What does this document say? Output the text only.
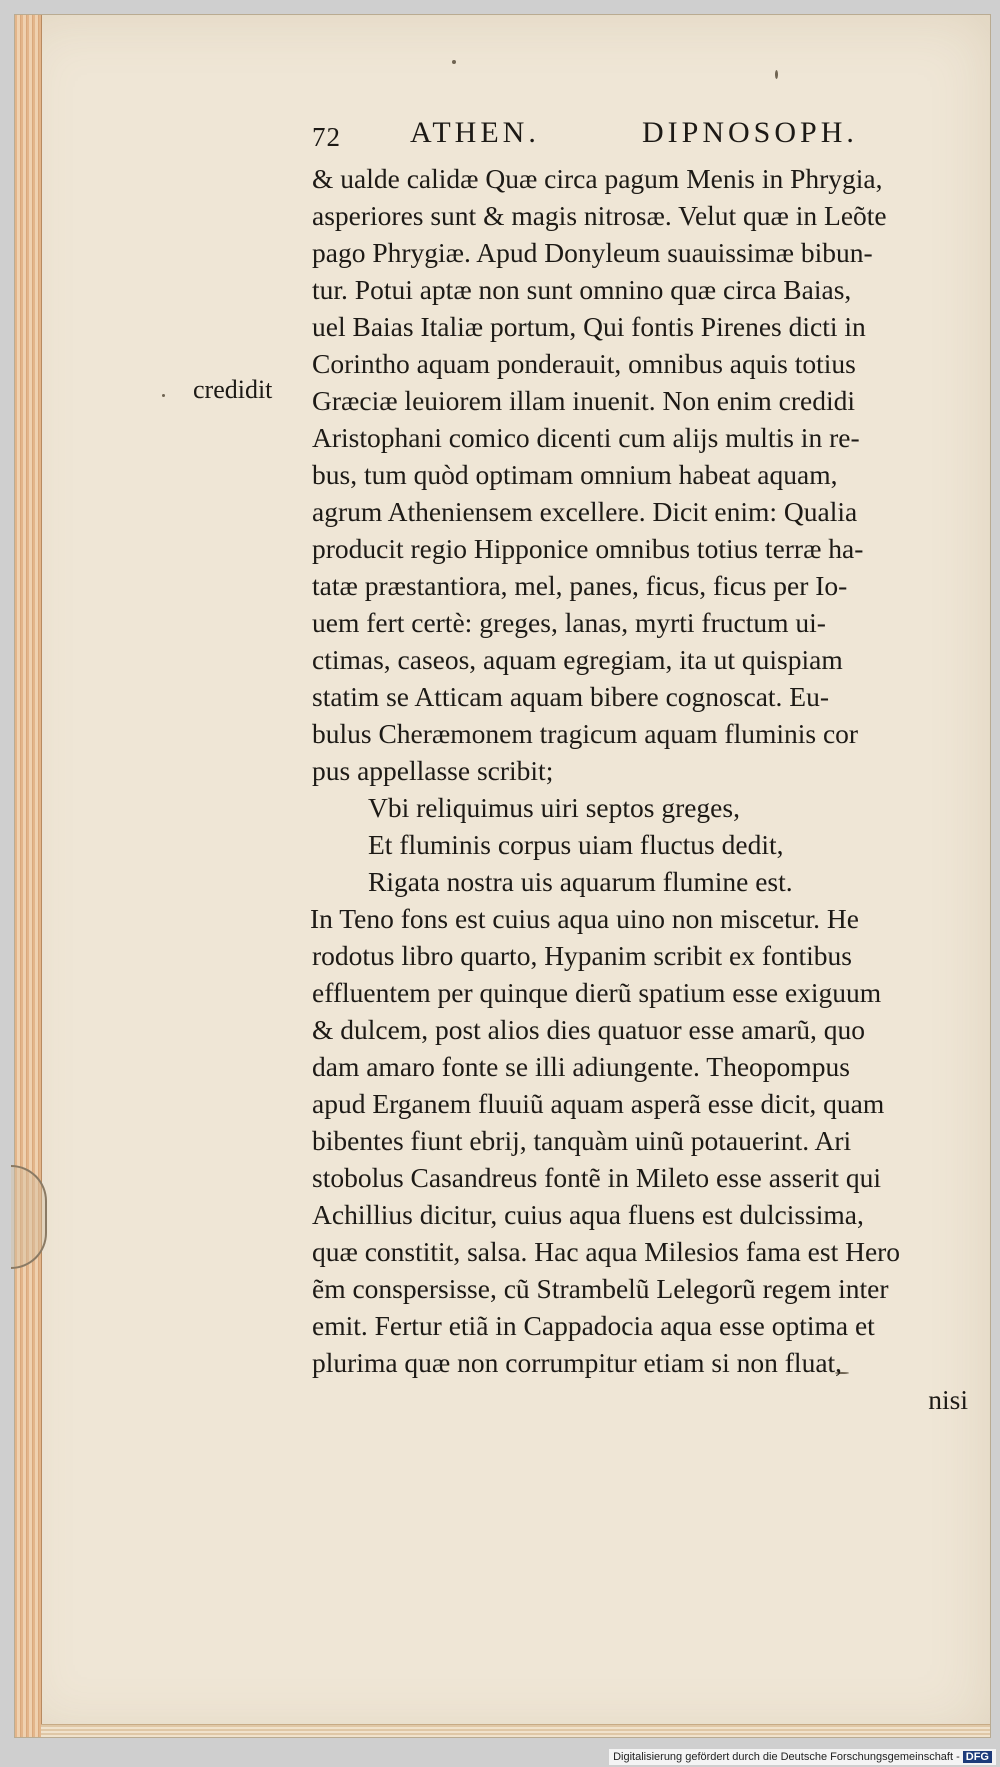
72 ATHEN.	DIPNOSOPH.
credidit
& ualde calidæ Quæ circa pagum Menis in Phrygia,
asperiores sunt & magis nitrosæ. Velut quæ in Leõte
pago Phrygiæ. Apud Donyleum suauissimæ bibun-
tur. Potui aptæ non sunt omnino quæ circa Baias,
uel Baias Italiæ portum, Qui fontis Pirenes dicti in
Corintho aquam ponderauit, omnibus aquis totius
Græciæ leuiorem illam inuenit. Non enim credidi
Aristophani comico dicenti cum alijs multis in re-
bus, tum quòd optimam omnium habeat aquam,
agrum Atheniensem excellere. Dicit enim: Qualia
producit regio Hipponice omnibus totius terræ ha-
tatæ præstantiora, mel, panes, ficus, ficus per Io-
uem fert certè: greges, lanas, myrti fructum ui-
ctimas, caseos, aquam egregiam, ita ut quispiam
statim se Atticam aquam bibere cognoscat. Eu-
bulus Cheræmonem tragicum aquam fluminis cor
pus appellasse scribit;
Vbi reliquimus uiri septos greges,
Et fluminis corpus uiam fluctus dedit,
Rigata nostra uis aquarum flumine est.
In Teno fons est cuius aqua uino non miscetur. He
rodotus libro quarto, Hypanim scribit ex fontibus
effluentem per quinque dierũ spatium esse exiguum
& dulcem, post alios dies quatuor esse amarũ, quo
dam amaro fonte se illi adiungente. Theopompus
apud Erganem fluuiũ aquam asperã esse dicit, quam
bibentes fiunt ebrij, tanquàm uinũ potauerint. Ari
stobolus Casandreus fontẽ in Mileto esse asserit qui
Achillius dicitur, cuius aqua fluens est dulcissima,
quæ constitit, salsa. Hac aqua Milesios fama est Hero
ẽm conspersisse, cũ Strambelũ Lelegorũ regem inter
emit. Fertur etiã in Cappadocia aqua esse optima et
plurima quæ non corrumpitur etiam si non fluat,
nisi
Digitalisierung gefördert durch die Deutsche Forschungsgemeinschaft - DFG
